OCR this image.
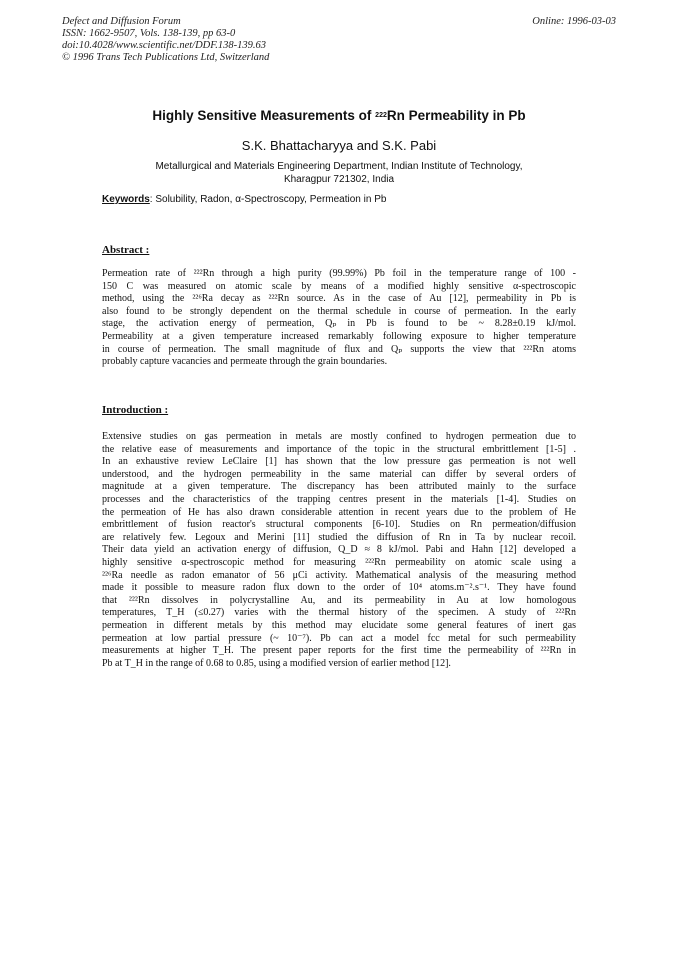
Defect and Diffusion Forum
ISSN: 1662-9507, Vols. 138-139, pp 63-0
doi:10.4028/www.scientific.net/DDF.138-139.63
© 1996 Trans Tech Publications Ltd, Switzerland
Online: 1996-03-03
Highly Sensitive Measurements of $^{222}$Rn Permeability in Pb
S.K. Bhattacharyya and S.K. Pabi
Metallurgical and Materials Engineering Department, Indian Institute of Technology,
Kharagpur 721302, India
Keywords: Solubility, Radon, α-Spectroscopy, Permeation in Pb
Abstract :
Permeation rate of ²²²Rn through a high purity (99.99%) Pb foil in the temperature range of 100 -
150 C was measured on atomic scale by means of a modified highly sensitive α-spectroscopic
method, using the ²²⁶Ra decay as ²²²Rn source. As in the case of Au [12], permeability in Pb is
also found to be strongly dependent on the thermal schedule in course of permeation. In the early
stage, the activation energy of permeation, Qₚ in Pb is found to be ~ 8.28±0.19 kJ/mol.
Permeability at a given temperature increased remarkably following exposure to higher temperature
in course of permeation. The small magnitude of flux and Qₚ supports the view that ²²²Rn atoms
probably capture vacancies and permeate through the grain boundaries.
Introduction :
Extensive studies on gas permeation in metals are mostly confined to hydrogen permeation due to
the relative ease of measurements and importance of the topic in the structural embrittlement [1-5] .
In an exhaustive review LeClaire [1] has shown that the low pressure gas permeation is not well
understood, and the hydrogen permeability in the same material can differ by several orders of
magnitude at a given temperature. The discrepancy has been attributed mainly to the surface
processes and the characteristics of the trapping centres present in the materials [1-4]. Studies on
the permeation of He has also drawn considerable attention in recent years due to the problem of He
embrittlement of fusion reactor's structural components [6-10]. Studies on Rn permeation/diffusion
are relatively few. Legoux and Merini [11] studied the diffusion of Rn in Ta by nuclear recoil.
Their data yield an activation energy of diffusion, Q_D ≈ 8 kJ/mol. Pabi and Hahn [12] developed a
highly sensitive α-spectroscopic method for measuring ²²²Rn permeability on atomic scale using a
²²⁶Ra needle as radon emanator of 56 μCi activity. Mathematical analysis of the measuring method
made it possible to measure radon flux down to the order of 10⁴ atoms.m⁻².s⁻¹. They have found
that ²²²Rn dissolves in polycrystalline Au, and its permeability in Au at low homologous
temperatures, T_H (≤0.27) varies with the thermal history of the specimen. A study of ²²²Rn
permeation in different metals by this method may elucidate some general features of inert gas
permeation at low partial pressure (~ 10⁻⁷). Pb can act a model fcc metal for such permeability
measurements at higher T_H. The present paper reports for the first time the permeability of ²²²Rn in
Pb at T_H in the range of 0.68 to 0.85, using a modified version of earlier method [12].
